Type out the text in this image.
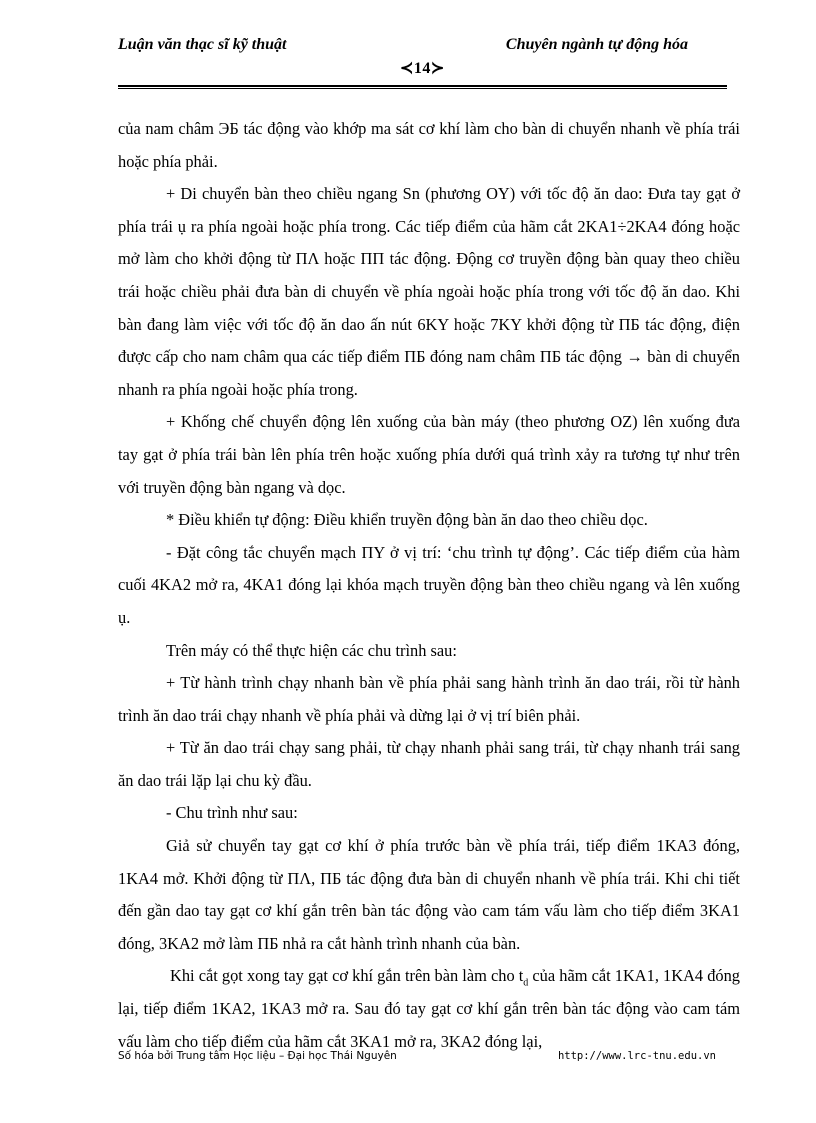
Luận văn thạc sĩ kỹ thuật	Chuyên ngành tự động hóa
≺14≻

của nam châm ЭБ tác động vào khớp ma sát cơ khí làm cho bàn di chuyển nhanh về phía trái hoặc phía phải.

+ Di chuyển bàn theo chiều ngang Sn (phương OY) với tốc độ ăn dao: Đưa tay gạt ở phía trái ụ ra phía ngoài hoặc phía trong. Các tiếp điểm của hãm cắt 2KA1÷2KA4 đóng hoặc mở làm cho khởi động từ ПΛ hoặc ПП tác động. Động cơ truyền động bàn quay theo chiều trái hoặc chiều phải đưa bàn di chuyển về phía ngoài hoặc phía trong với tốc độ ăn dao. Khi bàn đang làm việc với tốc độ ăn dao ấn nút 6KY hoặc 7KY khởi động từ ПБ tác động, điện được cấp cho nam châm qua các tiếp điểm ПБ đóng nam châm ПБ tác động → bàn di chuyển nhanh ra phía ngoài hoặc phía trong.

+ Khống chế chuyển động lên xuống của bàn máy (theo phương OZ) lên xuống đưa tay gạt ở phía trái bàn lên phía trên hoặc xuống phía dưới quá trình xảy ra tương tự như trên với truyền động bàn ngang và dọc.

* Điều khiển tự động: Điều khiển truyền động bàn ăn dao theo chiều dọc.

- Đặt công tắc chuyển mạch ПY ở vị trí: ‘chu trình tự động’. Các tiếp điểm của hàm cuối 4KA2 mở ra, 4KA1 đóng lại khóa mạch truyền động bàn theo chiều ngang và lên xuống ụ.

Trên máy có thể thực hiện các chu trình sau:

+ Từ hành trình chạy nhanh bàn về phía phải sang hành trình ăn dao trái, rồi từ hành trình ăn dao trái chạy nhanh về phía phải và dừng lại ở vị trí biên phải.

+ Từ ăn dao trái chạy sang phải, từ chạy nhanh phải sang trái, từ chạy nhanh trái sang ăn dao trái lặp lại chu kỳ đầu.

- Chu trình như sau:

Giả sử chuyển tay gạt cơ khí ở phía trước bàn về phía trái, tiếp điểm 1KA3 đóng, 1KA4 mở. Khởi động từ ПΛ, ПБ tác động đưa bàn di chuyển nhanh về phía trái. Khi chi tiết đến gần dao tay gạt cơ khí gắn trên bàn tác động vào cam tám vấu làm cho tiếp điểm 3KA1 đóng, 3KA2 mở làm ПБ nhả ra cắt hành trình nhanh của bàn.

Khi cắt gọt xong tay gạt cơ khí gắn trên bàn làm cho $t_d$ của hãm cắt 1KA1, 1KA4 đóng lại, tiếp điểm 1KA2, 1KA3 mở ra. Sau đó tay gạt cơ khí gắn trên bàn tác động vào cam tám vấu làm cho tiếp điểm của hãm cắt 3KA1 mở ra, 3KA2 đóng lại,

Số hóa bởi Trung tâm Học liệu – Đại học Thái Nguyên	http://www.lrc-tnu.edu.vn
